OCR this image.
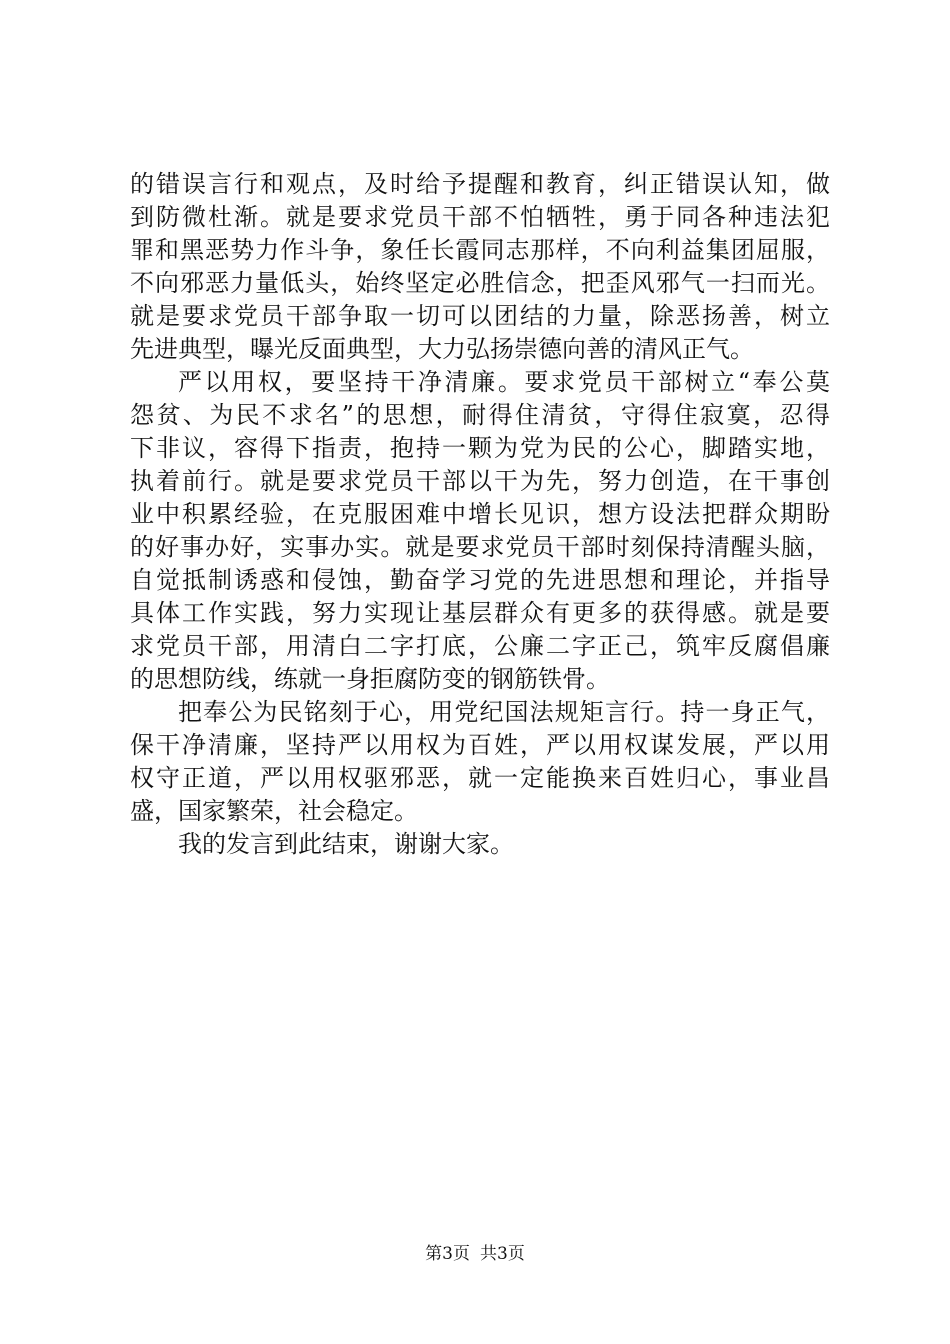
的错误言行和观点，及时给予提醒和教育，纠正错误认知，做
到防微杜渐。就是要求党员干部不怕牺牲，勇于同各种违法犯
罪和黑恶势力作斗争，象任长霞同志那样，不向利益集团屈服，
不向邪恶力量低头，始终坚定必胜信念，把歪风邪气一扫而光。
就是要求党员干部争取一切可以团结的力量，除恶扬善，树立
先进典型，曝光反面典型，大力弘扬崇德向善的清风正气。
严以用权，要坚持干净清廉。要求党员干部树立“奉公莫
怨贫、为民不求名”的思想，耐得住清贫，守得住寂寞，忍得
下非议，容得下指责，抱持一颗为党为民的公心，脚踏实地，
执着前行。就是要求党员干部以干为先，努力创造，在干事创
业中积累经验，在克服困难中增长见识，想方设法把群众期盼
的好事办好，实事办实。就是要求党员干部时刻保持清醒头脑，
自觉抵制诱惑和侵蚀，勤奋学习党的先进思想和理论，并指导
具体工作实践，努力实现让基层群众有更多的获得感。就是要
求党员干部，用清白二字打底，公廉二字正己，筑牢反腐倡廉
的思想防线，练就一身拒腐防变的钢筋铁骨。
把奉公为民铭刻于心，用党纪国法规矩言行。持一身正气，
保干净清廉，坚持严以用权为百姓，严以用权谋发展，严以用
权守正道，严以用权驱邪恶，就一定能换来百姓归心，事业昌
盛，国家繁荣，社会稳定。
我的发言到此结束，谢谢大家。
第3页 共3页
